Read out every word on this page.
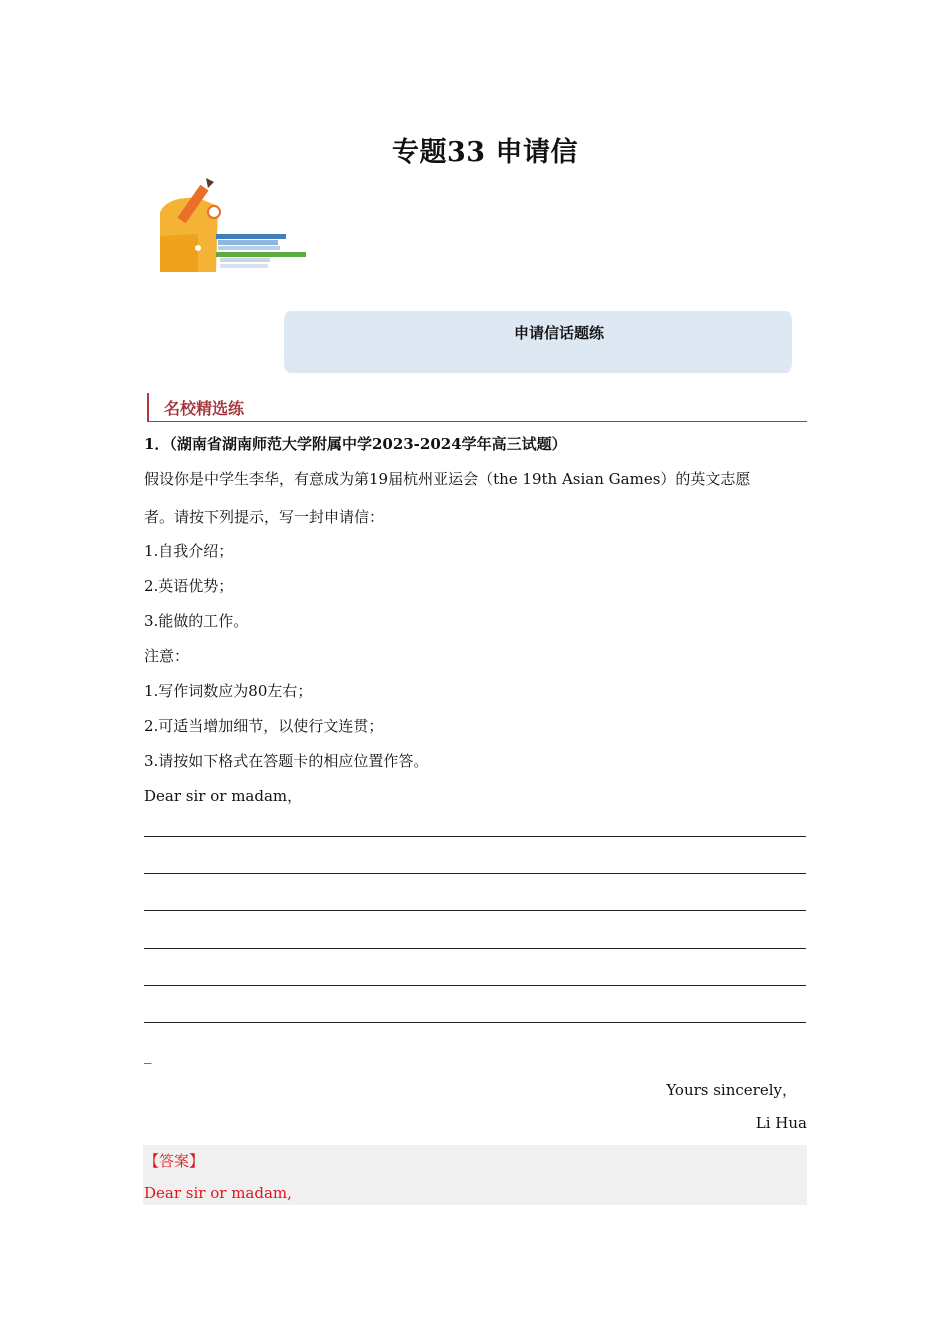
专题33 申请信
申请信话题练
名校精选练
1．（湖南省湖南师范大学附属中学2023-2024学年高三试题）
假设你是中学生李华，有意成为第19届杭州亚运会（the 19th Asian Games）的英文志愿
者。请按下列提示，写一封申请信：
1.自我介绍；
2.英语优势；
3.能做的工作。
注意：
1.写作词数应为80左右；
2.可适当增加细节，以使行文连贯；
3.请按如下格式在答题卡的相应位置作答。
Dear sir or madam，
_
Yours sincerely，
Li Hua
【答案】
Dear sir or madam,
